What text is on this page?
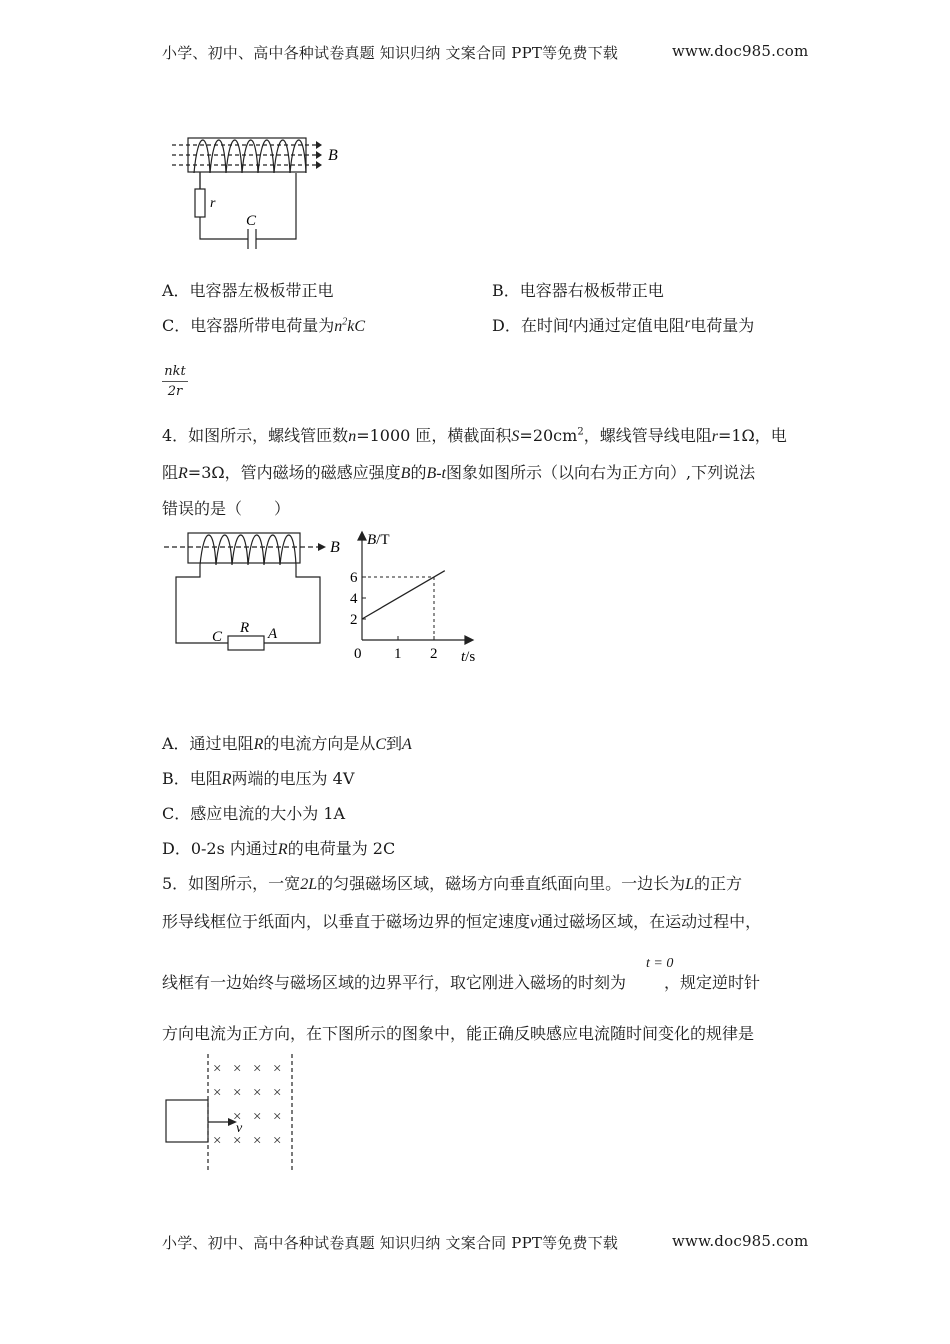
小学、初中、高中各种试卷真题 知识归纳 文案合同 PPT等免费下载	www.doc985.com
B
r
C
A．电容器左极板带正电	B．电容器右极板带正电
C．电容器所带电荷量为$n^2kC$	D．在时间t内通过定值电阻r电荷量为
nkt
2r
4．如图所示，螺线管匝数n=1000 匝，横截面积$S=20cm^2$，螺线管导线电阻r=1Ω，电
阻R=3Ω，管内磁场的磁感应强度B的B-t图象如图所示（以向右为正方向）,下列说法
错误的是（　　）
B
C
R A
B/T
t/s
0
2
4
6
1 2
A．通过电阻R的电流方向是从C到A
B．电阻R两端的电压为 4V
C．感应电流的大小为 1A
D．0-2s 内通过R的电荷量为 2C
5．如图所示，一宽2L的匀强磁场区域，磁场方向垂直纸面向里。一边长为L的正方
形导线框位于纸面内，以垂直于磁场边界的恒定速度v通过磁场区域，在运动过程中，
t = 0
线框有一边始终与磁场区域的边界平行，取它刚进入磁场的时刻为 ，规定逆时针
方向电流为正方向，在下图所示的图象中，能正确反映感应电流随时间变化的规律是
v
× × × ×
× × × ×
× × ×
× × × ×
小学、初中、高中各种试卷真题 知识归纳 文案合同 PPT等免费下载	www.doc985.com
